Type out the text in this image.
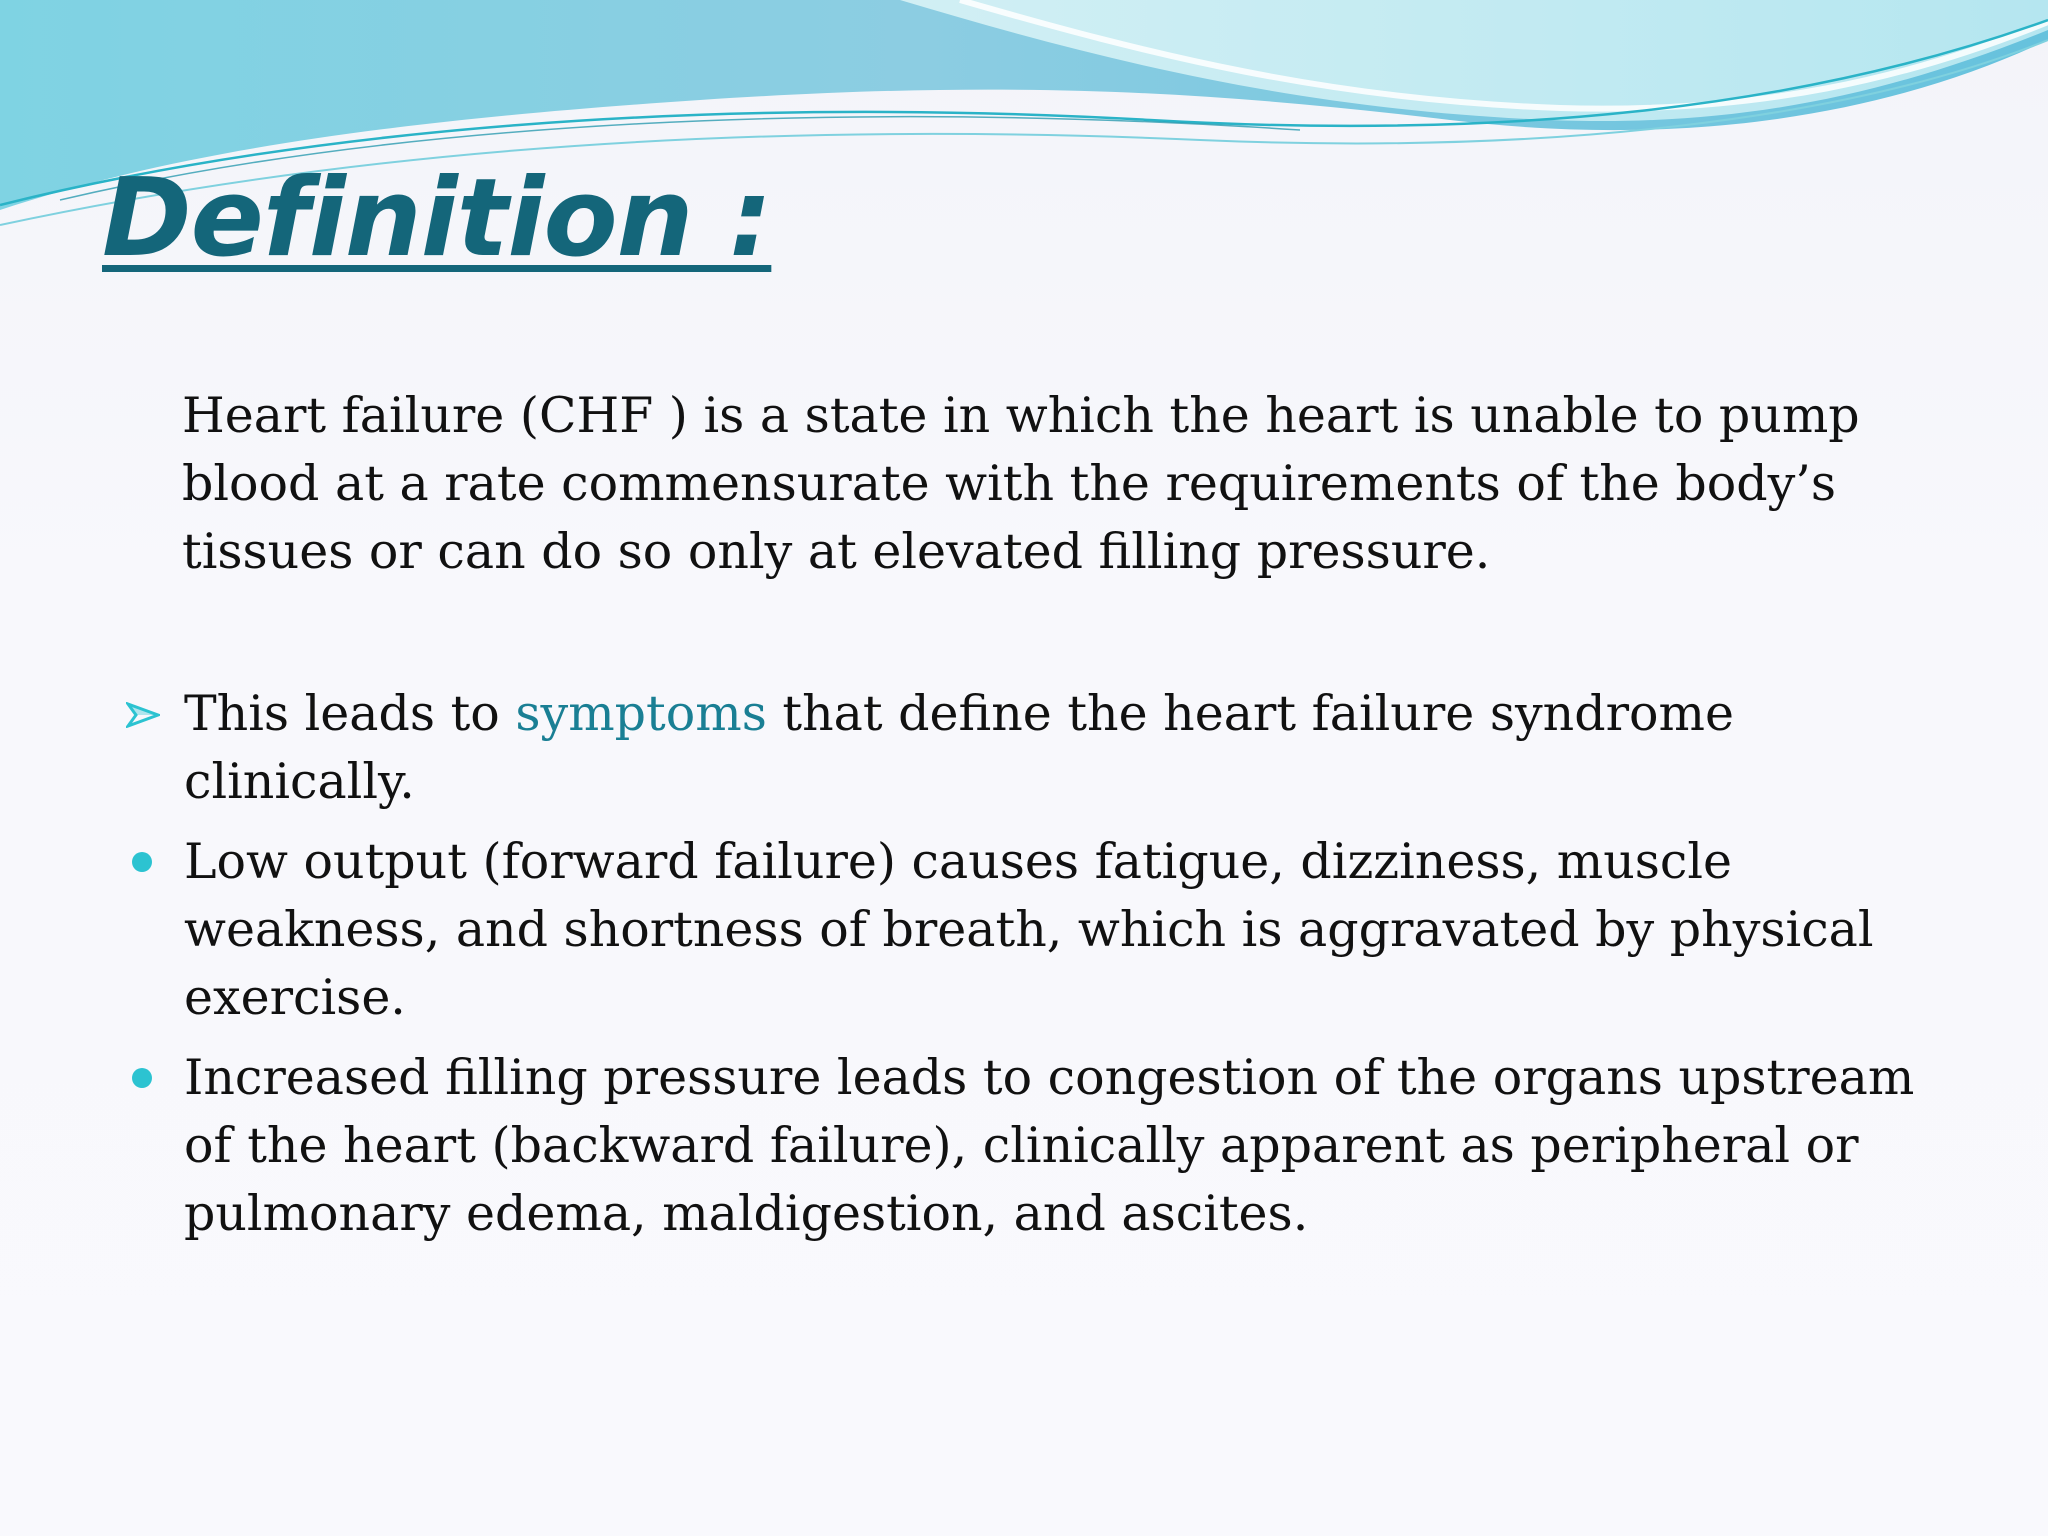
Definition :

Heart failure (CHF ) is a state in which the heart is unable to pump blood at a rate commensurate with the requirements of the body’s tissues or can do so only at elevated filling pressure.

This leads to symptoms that define the heart failure syndrome clinically.
Low output (forward failure) causes fatigue, dizziness, muscle weakness, and shortness of breath, which is aggravated by physical exercise.
Increased filling pressure leads to congestion of the organs upstream of the heart (backward failure), clinically apparent as peripheral or pulmonary edema, maldigestion, and ascites.
